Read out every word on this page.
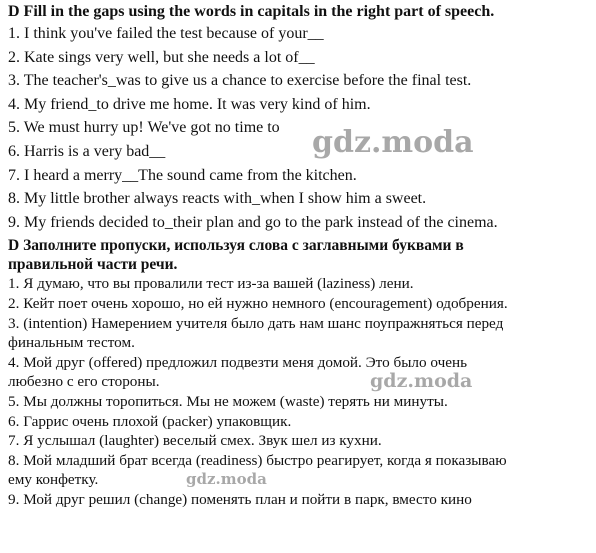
D Fill in the gaps using the words in capitals in the right part of speech.

1. I think you've failed the test because of your__

2. Kate sings very well, but she needs a lot of__

3. The teacher's_was to give us a chance to exercise before the final test.

4. My friend_to drive me home. It was very kind of him.

5. We must hurry up! We've got no time to

6. Harris is a very bad__

7. I heard a merry__The sound came from the kitchen.

8. My little brother always reacts with_when I show him a sweet.

9. My friends decided to_their plan and go to the park instead of the cinema.

D Заполните пропуски, используя слова с заглавными буквами в

правильной части речи.

1. Я думаю, что вы провалили тест из-за вашей (laziness) лени.

2. Кейт поет очень хорошо, но ей нужно немного (encouragement) одобрения.

3. (intention) Намерением учителя было дать нам шанс поупражняться перед

финальным тестом.

4. Мой друг (offered) предложил подвезти меня домой. Это было очень

любезно с его стороны.

5. Мы должны торопиться. Мы не можем (waste) терять ни минуты.

6. Гаррис очень плохой (packer) упаковщик.

7. Я услышал (laughter) веселый смех. Звук шел из кухни.

8. Мой младший брат всегда (readiness) быстро реагирует, когда я показываю

ему конфетку.

9. Мой друг решил (change) поменять план и пойти в парк, вместо кино

gdz.moda
gdz.moda
gdz.moda
